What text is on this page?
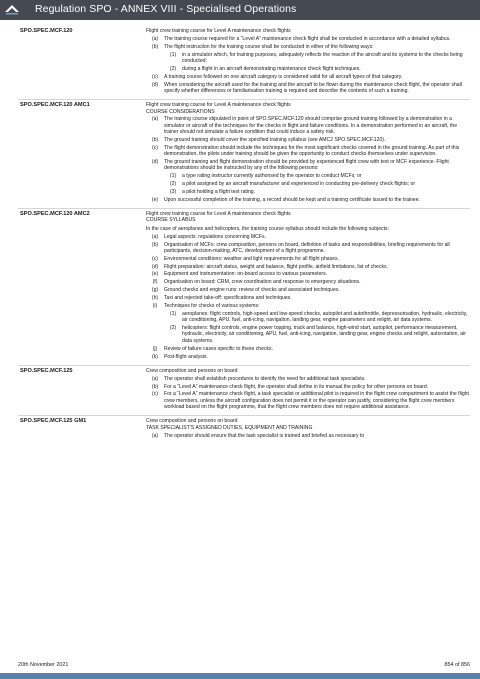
Regulation SPO - ANNEX VIII - Specialised Operations
SPO.SPEC.MCF.120	Flight crew training course for Level A maintenance check flights
(a)	The training course required for a “Level A” maintenance check flight shall be conducted in accordance with a detailed syllabus.
(b)	The flight instruction for the training course shall be conducted in either of the following ways:
(1)	in a simulator which, for training purposes, adequately reflects the reaction of the aircraft and its systems to the checks being conducted;
(2)	during a flight in an aircraft demonstrating maintenance check flight techniques.
(c)	A training course followed on one aircraft category is considered valid for all aircraft types of that category.
(d)	When considering the aircraft used for the training and the aircraft to be flown during the maintenance check flight, the operator shall specify whether differences or familiarisation training is required and describe the contents of such a training.
SPO.SPEC.MCF.120 AMC1	Flight crew training course for Level A maintenance check flights
COURSE CONSIDERATIONS
(a)	The training course stipulated in point of SPO.SPEC.MCF.120 should comprise ground training followed by a demonstration in a simulator or aircraft of the techniques for the checks in flight and failure conditions. In a demonstration performed in an aircraft, the trainer should not simulate a failure condition that could induce a safety risk.
(b)	The ground training should cover the specified training syllabus (see AMC2 SPO.SPEC.MCF.120).
(c)	The flight demonstration should include the techniques for the most significant checks covered in the ground training. As part of this demonstration, the pilots under training should be given the opportunity to conduct checks themselves under supervision.
(d)	The ground training and flight demonstration should be provided by experienced flight crew with test or MCF experience. Flight demonstrations should be instructed by any of the following persons:
(1)	a type rating instructor currently authorised by the operator to conduct MCFs; or
(2)	a pilot assigned by an aircraft manufacturer and experienced in conducting pre-delivery check flights; or
(3)	a pilot holding a flight test rating.
(e)	Upon successful completion of the training, a record should be kept and a training certificate issued to the trainee.
SPO.SPEC.MCF.120 AMC2	Flight crew training course for Level A maintenance check flights
COURSE SYLLABUS
In the case of aeroplanes and helicopters, the training course syllabus should include the following subjects:
(a)	Legal aspects: regulations concerning MCFs.
(b)	Organisation of MCFs: crew composition, persons on board, definition of tasks and responsibilities, briefing requirements for all participants, decision-making, ATC, development of a flight programme.
(c)	Environmental conditions: weather and light requirements for all flight phases.
(d)	Flight preparation: aircraft status, weight and balance, flight profile, airfield limitations, list of checks.
(e)	Equipment and instrumentation: on-board access to various parameters.
(f)	Organisation on board: CRM, crew coordination and response to emergency situations.
(g)	Ground checks and engine runs: review of checks and associated techniques.
(h)	Taxi and rejected take-off: specifications and techniques.
(i)	Techniques for checks of various systems:
(1)	aeroplanes: flight controls, high-speed and low-speed checks, autopilot and autothrottle, depressurisation, hydraulic, electricity, air conditioning, APU, fuel, anti-icing, navigation, landing gear, engine parameters and relight, air data systems.
(2)	helicopters: flight controls, engine power topping, track and balance, high-wind start, autopilot, performance measurement, hydraulic, electricity, air conditioning, APU, fuel, anti-icing, navigation, landing gear, engine checks and relight, autorotation, air data systems.
(j)	Review of failure cases specific to these checks.
(k)	Post-flight analysis.
SPO.SPEC.MCF.125	Crew composition and persons on board
(a)	The operator shall establish procedures to identify the need for additional task specialists.
(b)	For a “Level A” maintenance check flight, the operator shall define in its manual the policy for other persons on board.
(c)	For a “Level A” maintenance check flight, a task specialist or additional pilot is required in the flight crew compartment to assist the flight crew members, unless the aircraft configuration does not permit it or the operator can justify, considering the flight crew members workload based on the flight programme, that the flight crew members does not require additional assistance.
SPO.SPEC.MCF.125 GM1	Crew composition and persons on board
TASK SPECIALIST’S ASSIGNED DUTIES, EQUIPMENT AND TRAINING
(a)	The operator should ensure that the task specialist is trained and briefed as necessary to
20th November 2021	854 of 856
